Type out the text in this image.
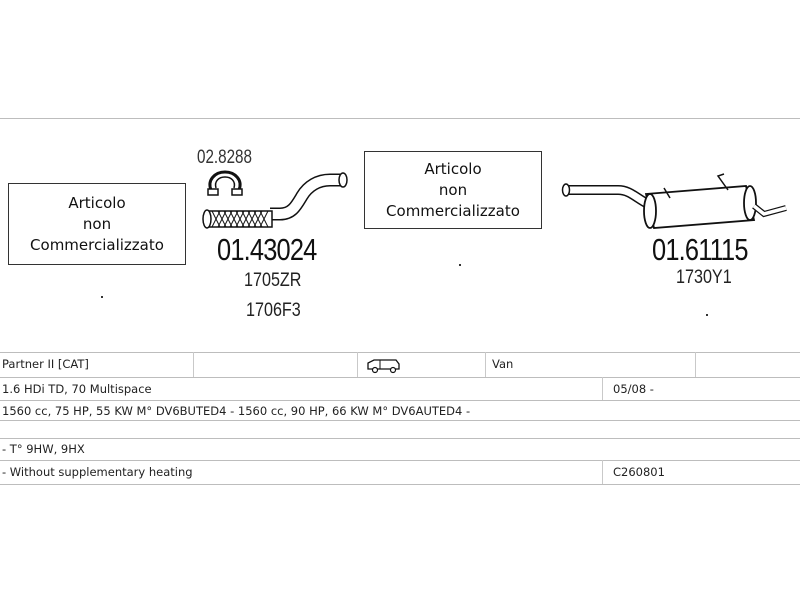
Articolo
non
Commercializzato
Articolo
non
Commercializzato
02.8288
01.43024
1705ZR
1706F3
01.61115
1730Y1
Partner II [CAT]	Van
1.6 HDi TD, 70 Multispace	05/08 -
1560 cc, 75 HP, 55 KW M° DV6BUTED4 - 1560 cc, 90 HP, 66 KW M° DV6AUTED4 -
- T° 9HW, 9HX
- Without supplementary heating	C260801
